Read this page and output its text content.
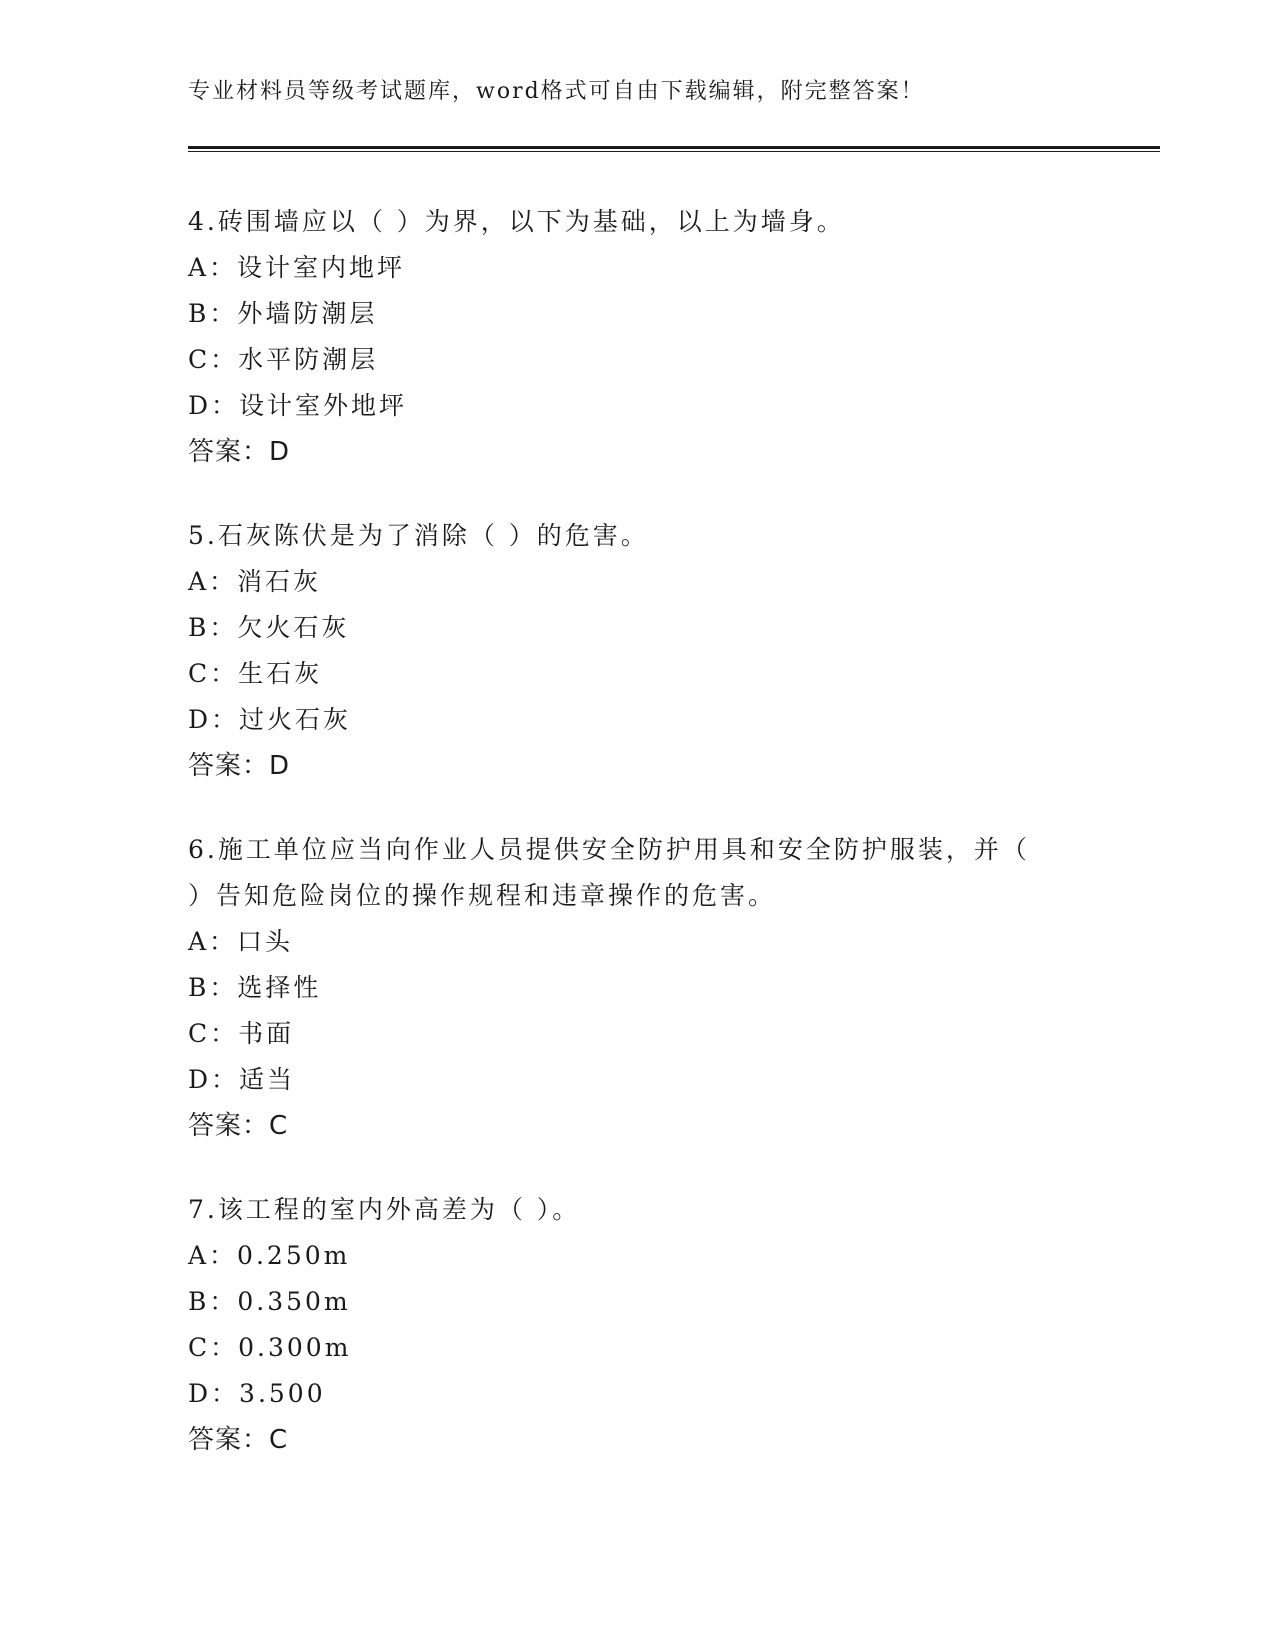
专业材料员等级考试题库，word格式可自由下载编辑，附完整答案！
4.砖围墙应以（ ）为界，以下为基础，以上为墙身。
A：设计室内地坪
B：外墙防潮层
C：水平防潮层
D：设计室外地坪
答案：D
5.石灰陈伏是为了消除（ ）的危害。
A：消石灰
B：欠火石灰
C：生石灰
D：过火石灰
答案：D
6.施工单位应当向作业人员提供安全防护用具和安全防护服装，并（
）告知危险岗位的操作规程和违章操作的危害。
A：口头
B：选择性
C：书面
D：适当
答案：C
7.该工程的室内外高差为（ ）。
A：0.250m
B：0.350m
C：0.300m
D：3.500
答案：C
